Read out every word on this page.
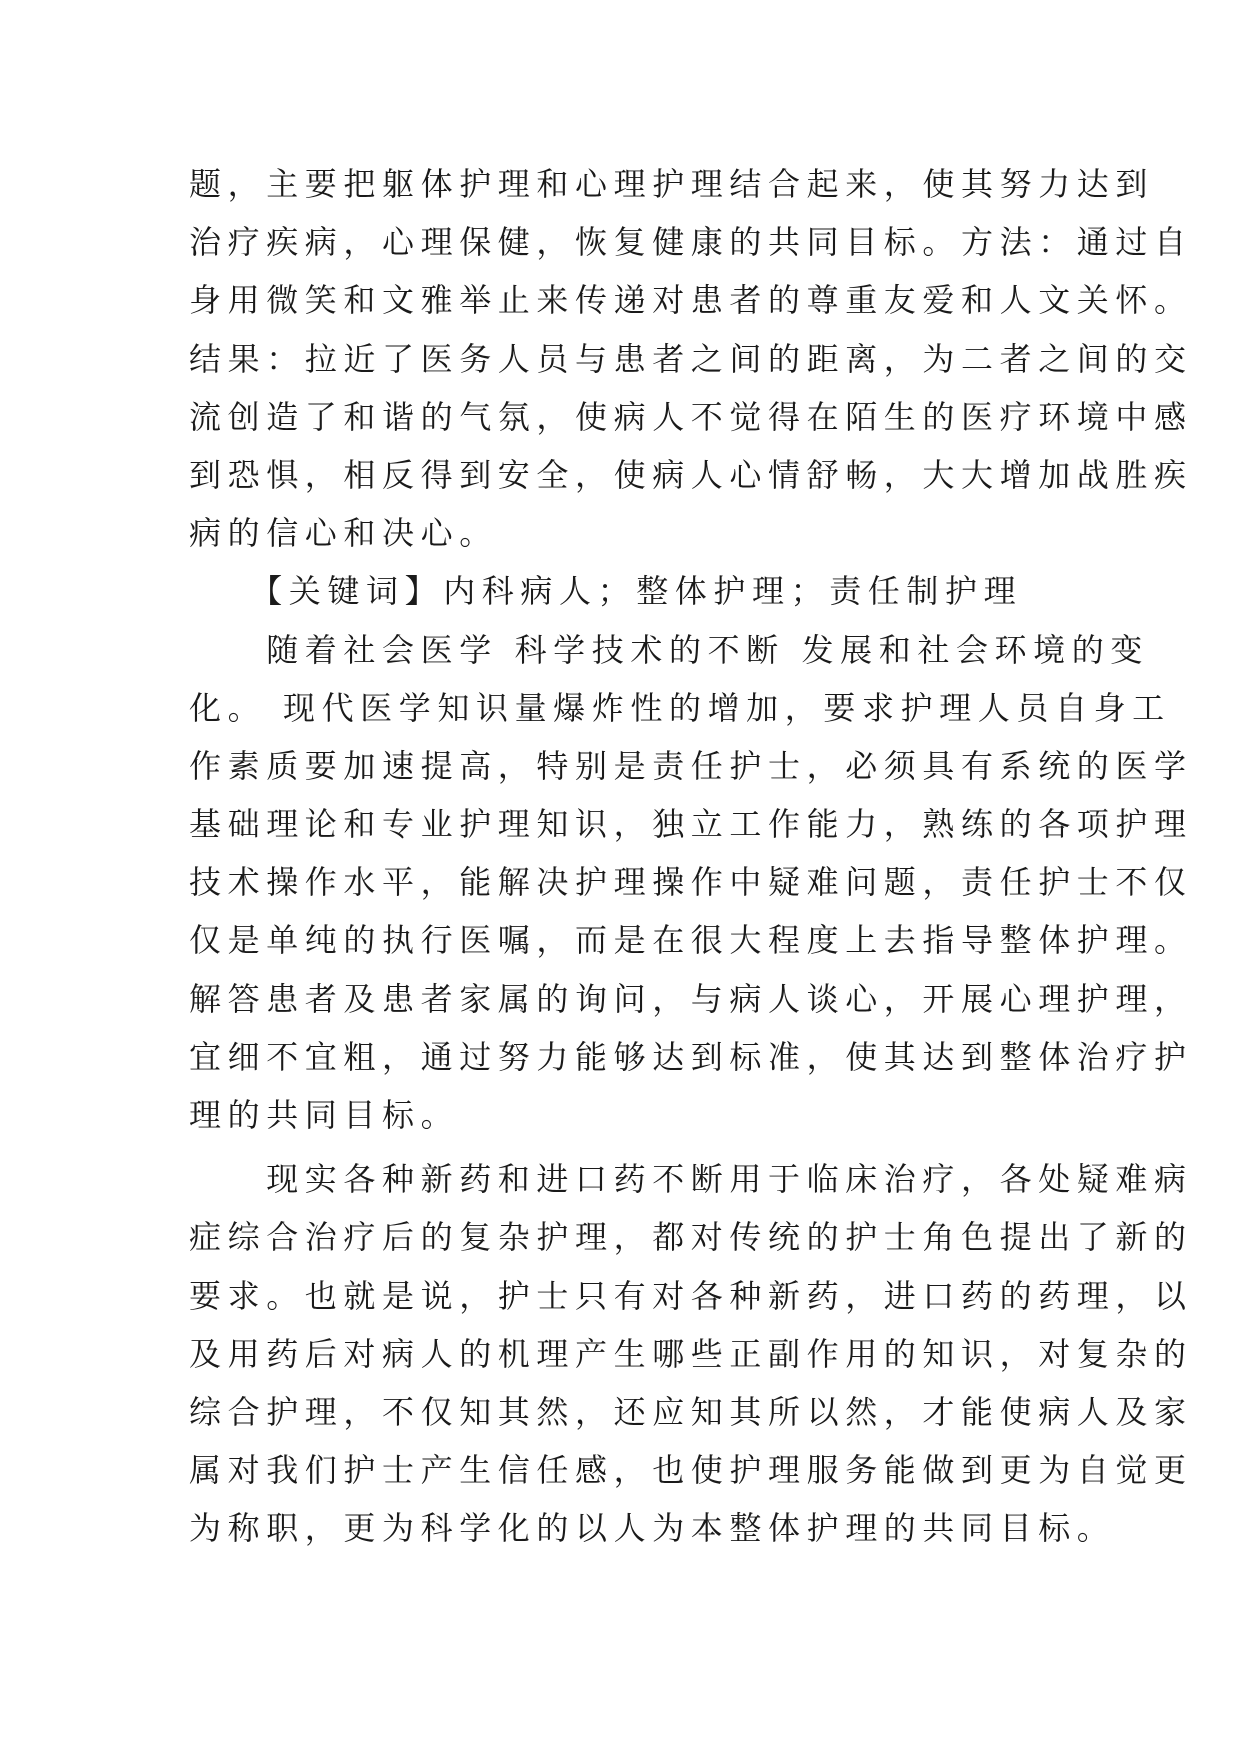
题，主要把躯体护理和心理护理结合起来，使其努力达到
治疗疾病，心理保健，恢复健康的共同目标。方法：通过自
身用微笑和文雅举止来传递对患者的尊重友爱和人文关怀。
结果：拉近了医务人员与患者之间的距离，为二者之间的交
流创造了和谐的气氛，使病人不觉得在陌生的医疗环境中感
到恐惧，相反得到安全，使病人心情舒畅，大大增加战胜疾
病的信心和决心。
　　【关键词】内科病人；整体护理；责任制护理
　　随着社会医学 科学技术的不断 发展和社会环境的变
化。 现代医学知识量爆炸性的增加，要求护理人员自身工
作素质要加速提高，特别是责任护士，必须具有系统的医学
基础理论和专业护理知识，独立工作能力，熟练的各项护理
技术操作水平，能解决护理操作中疑难问题，责任护士不仅
仅是单纯的执行医嘱，而是在很大程度上去指导整体护理。
解答患者及患者家属的询问，与病人谈心，开展心理护理，
宜细不宜粗，通过努力能够达到标准，使其达到整体治疗护
理的共同目标。
　　现实各种新药和进口药不断用于临床治疗，各处疑难病
症综合治疗后的复杂护理，都对传统的护士角色提出了新的
要求。也就是说，护士只有对各种新药，进口药的药理，以
及用药后对病人的机理产生哪些正副作用的知识，对复杂的
综合护理，不仅知其然，还应知其所以然，才能使病人及家
属对我们护士产生信任感，也使护理服务能做到更为自觉更
为称职，更为科学化的以人为本整体护理的共同目标。
